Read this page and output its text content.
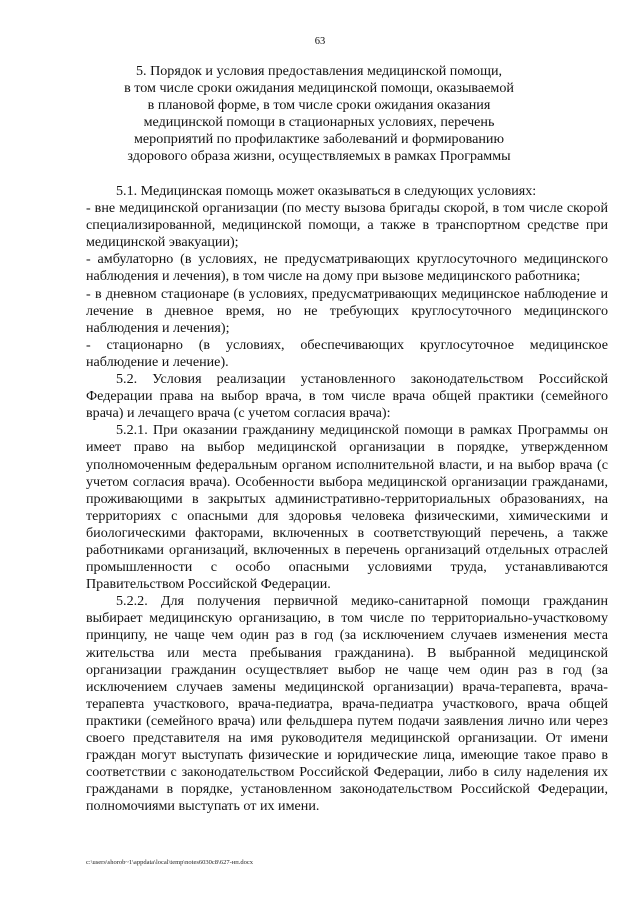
63
5. Порядок и условия предоставления медицинской помощи,
в том числе сроки ожидания медицинской помощи, оказываемой
в плановой форме, в том числе сроки ожидания оказания
медицинской помощи в стационарных условиях, перечень
мероприятий по профилактике заболеваний и формированию
здорового образа жизни, осуществляемых в рамках Программы

5.1. Медицинская помощь может оказываться в следующих условиях:

- вне медицинской организации (по месту вызова бригады скорой, в том числе скорой специализированной, медицинской помощи, а также в транспортном средстве при медицинской эвакуации);

- амбулаторно (в условиях, не предусматривающих круглосуточного медицинского наблюдения и лечения), в том числе на дому при вызове медицинского работника;

- в дневном стационаре (в условиях, предусматривающих медицинское наблюдение и лечение в дневное время, но не требующих круглосуточного медицинского наблюдения и лечения);

- стационарно (в условиях, обеспечивающих круглосуточное медицинское наблюдение и лечение).

5.2. Условия реализации установленного законодательством Российской Федерации права на выбор врача, в том числе врача общей практики (семейного врача) и лечащего врача (с учетом согласия врача):

5.2.1. При оказании гражданину медицинской помощи в рамках Программы он имеет право на выбор медицинской организации в порядке, утвержденном уполномоченным федеральным органом исполнительной власти, и на выбор врача (с учетом согласия врача). Особенности выбора медицинской организации гражданами, проживающими в закрытых административно-территориальных образованиях, на территориях с опасными для здоровья человека физическими, химическими и биологическими факторами, включенных в соответствующий перечень, а также работниками организаций, включенных в перечень организаций отдельных отраслей промышленности с особо опасными условиями труда, устанавливаются Правительством Российской Федерации.

5.2.2. Для получения первичной медико-санитарной помощи гражданин выбирает медицинскую организацию, в том числе по территориально-участковому принципу, не чаще чем один раз в год (за исключением случаев изменения места жительства или места пребывания гражданина). В выбранной медицинской организации гражданин осуществляет выбор не чаще чем один раз в год (за исключением случаев замены медицинской организации) врача-терапевта, врача-терапевта участкового, врача-педиатра, врача-педиатра участкового, врача общей практики (семейного врача) или фельдшера путем подачи заявления лично или через своего представителя на имя руководителя медицинской организации. От имени граждан могут выступать физические и юридические лица, имеющие такое право в соответствии с законодательством Российской Федерации, либо в силу наделения их гражданами в порядке, установленном законодательством Российской Федерации, полномочиями выступать от их имени.

c:\users\shorob~1\appdata\local\temp\notes6030c8\627-нп.docx
